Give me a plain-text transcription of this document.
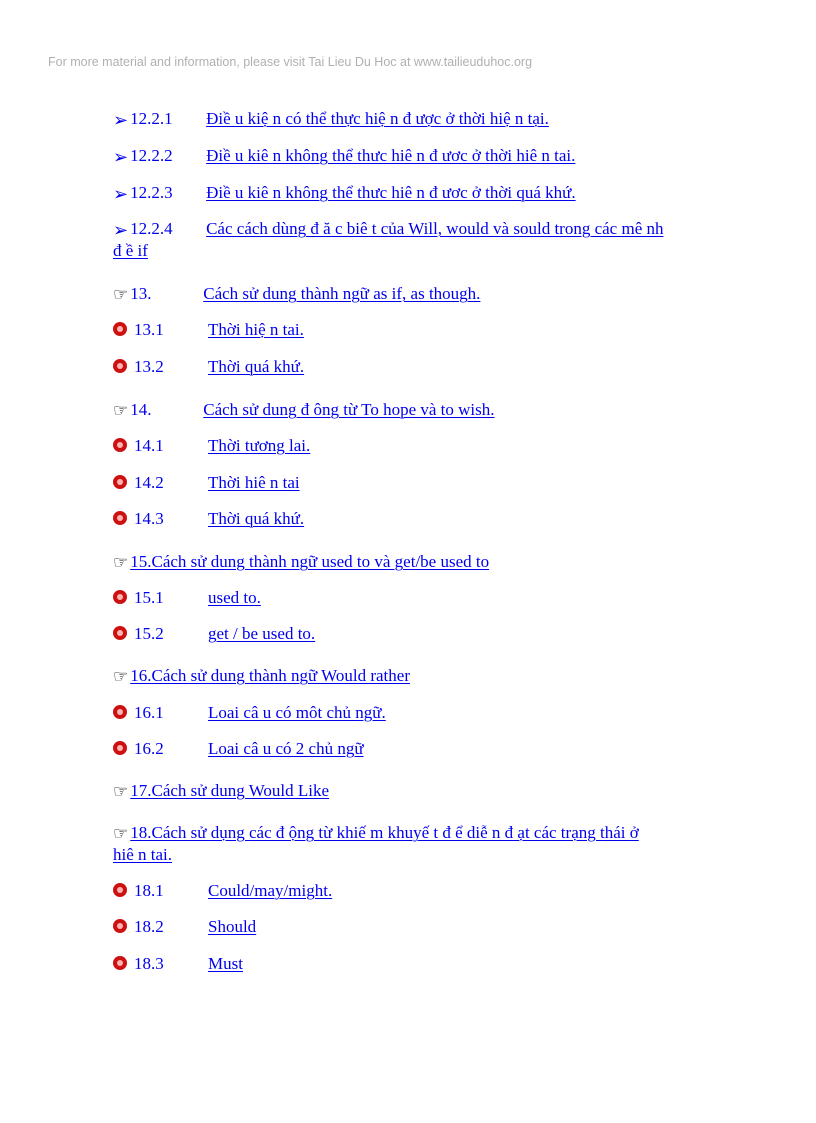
For more material and information, please visit Tai Lieu Du Hoc at www.tailieuduhoc.org
➢ 12.2.1 Điề u kiệ n có thể thực hiệ n đ ược ở thời hiệ n tại.
➢ 12.2.2 Điề u kiê n không thể thưc hiê n đ ươc ở thời hiê n tai.
➢ 12.2.3 Điề u kiê n không thể thưc hiê n đ ươc ở thời quá khứ.
➢ 12.2.4 Các cách dùng đ ă c biê t của Will, would và sould trong các mê nh
đ ề if
☞ 13.	Cách sử dung thành ngữ as if, as though.
13.1	Thời hiệ n tai.
13.2	Thời quá khứ.
☞ 14.	Cách sử dung đ ông từ To hope và to wish.
14.1	Thời tương lai.
14.2	Thời hiê n tai
14.3	Thời quá khứ.
☞ 15.Cách sử dung thành ngữ used to và get/be used to
15.1	used to.
15.2	get / be used to.
☞ 16.Cách sử dung thành ngữ Would rather
16.1	Loai câ u có môt chủ ngữ.
16.2	Loai câ u có 2 chủ ngữ
☞ 17.Cách sử dung Would Like
☞ 18.Cách sử dụng các đ ộng từ khiế m khuyế t đ ể diễ n đ ạt các trạng thái ở
hiê n tai.
18.1	Could/may/might.
18.2	Should
18.3	Must
